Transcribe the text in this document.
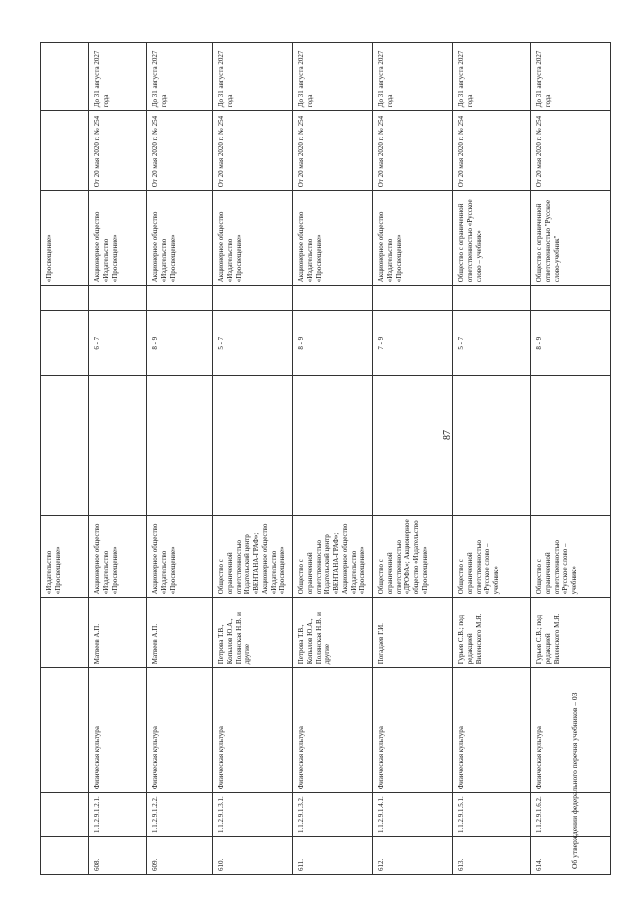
87
				«Издательство «Просвещение»				«Просвещение»		
608.	1.1.2.9.1.2.1.	Физическая культура	Матвеев А.П.	Акционерное общество «Издательство «Просвещение»		6 - 7		Акционерное общество «Издательство «Просвещение»	От 20 мая 2020 г. № 254	До 31 августа 2027 года
609.	1.1.2.9.1.2.2.	Физическая культура	Матвеев А.П.	Акционерное общество «Издательство «Просвещение»		8 - 9		Акционерное общество «Издательство «Просвещение»	От 20 мая 2020 г. № 254	До 31 августа 2027 года
610.	1.1.2.9.1.3.1.	Физическая культура	Петрова Т.В., Копылов Ю.А., Полянская Н.В. и другие	Общество с ограниченной ответственностью Издательский центр «ВЕНТАНА-ГРАФ»; Акционерное общество «Издательство «Просвещение»		5 - 7		Акционерное общество «Издательство «Просвещение»	От 20 мая 2020 г. № 254	До 31 августа 2027 года
611.	1.1.2.9.1.3.2.	Физическая культура	Петрова Т.В., Копылов Ю.А., Полянская Н.В. и другие	Общество с ограниченной ответственностью Издательский центр «ВЕНТАНА-ГРАФ»; Акционерное общество «Издательство «Просвещение»		8 - 9		Акционерное общество «Издательство «Просвещение»	От 20 мая 2020 г. № 254	До 31 августа 2027 года
612.	1.1.2.9.1.4.1.	Физическая культура	Погадаев Г.И.	Общество с ограниченной ответственностью «ДРОФА»; Акционерное общество «Издательство «Просвещение»		7 - 9		Акционерное общество «Издательство «Просвещение»	От 20 мая 2020 г. № 254	До 31 августа 2027 года
613.	1.1.2.9.1.5.1.	Физическая культура	Гурьев С.В.; под редакцией Виленского М.Я.	Общество с ограниченной ответственностью «Русское слово – учебник»		5 - 7		Общество с ограниченной ответственностью «Русское слово – учебник»	От 20 мая 2020 г. № 254	До 31 августа 2027 года
614.	1.1.2.9.1.6.2.	Физическая культура	Гурьев С.В.; под редакцией Виленского М.Я.	Общество с ограниченной ответственностью «Русское слово – учебник»		8 - 9		Общество с ограниченной ответственностью "Русское слово-учебник"	От 20 мая 2020 г. № 254	До 31 августа 2027 года
Об утверждении федерального перечня учебников – 03
